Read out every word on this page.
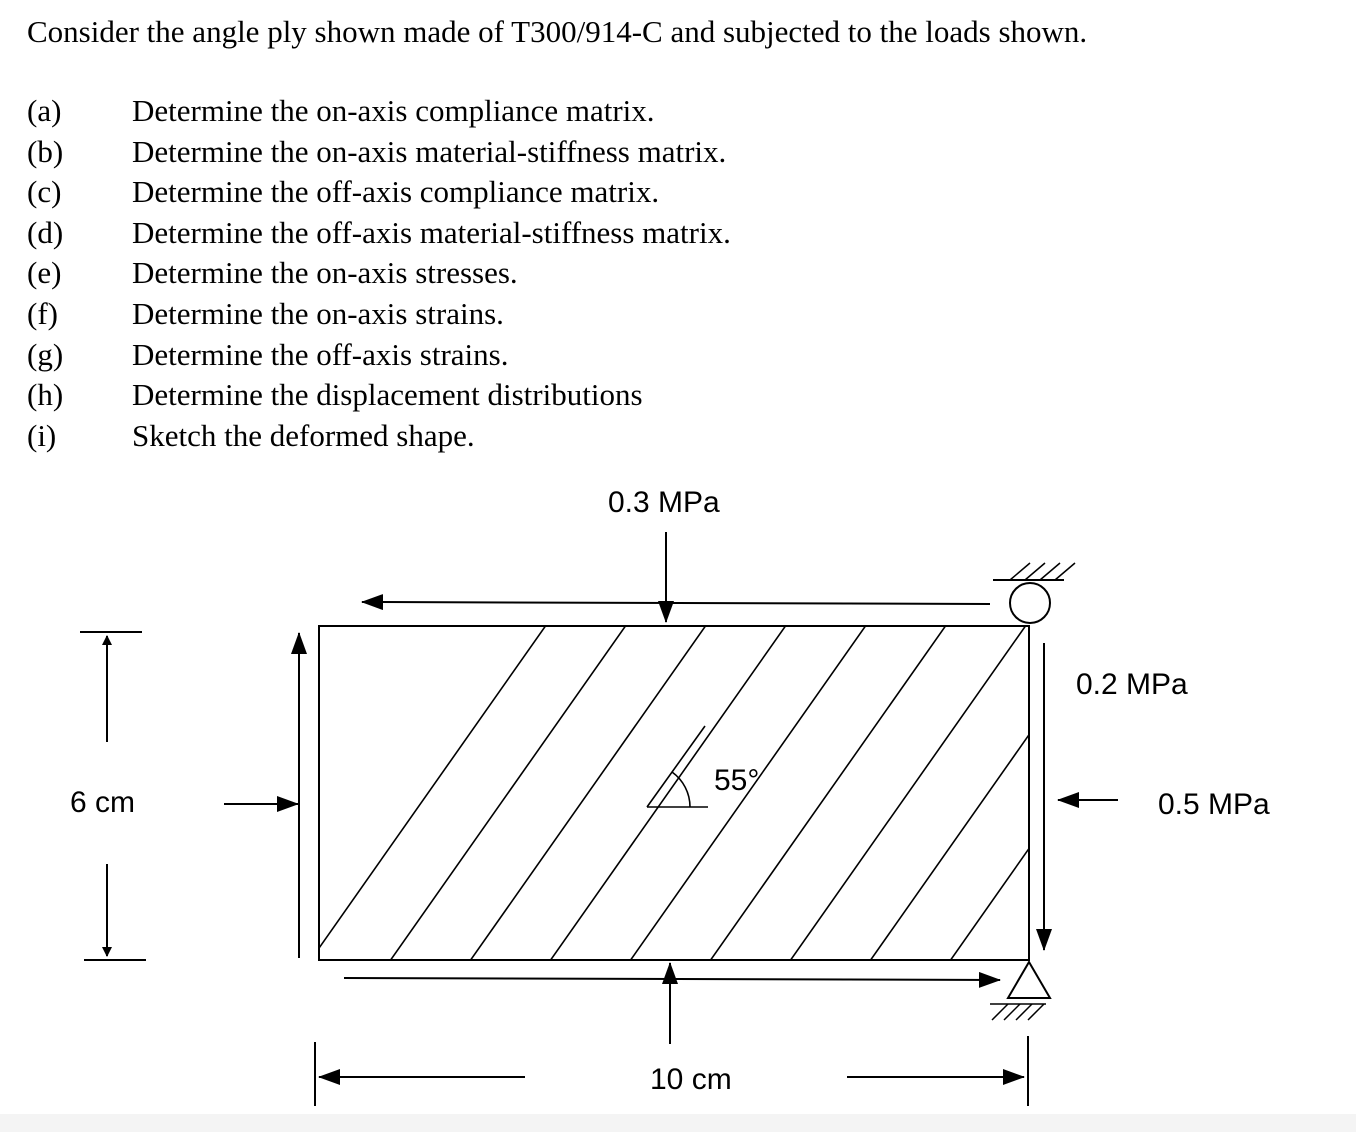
Consider the angle ply shown made of T300/914-C and subjected to the loads shown.
(a) Determine the on-axis compliance matrix.
(b) Determine the on-axis material-stiffness matrix.
(c) Determine the off-axis compliance matrix.
(d) Determine the off-axis material-stiffness matrix.
(e) Determine the on-axis stresses.
(f) Determine the on-axis strains.
(g) Determine the off-axis strains.
(h) Determine the displacement distributions
(i) Sketch the deformed shape.
55°
0.3 MPa
0.2 MPa
0.5 MPa
6 cm
10 cm
